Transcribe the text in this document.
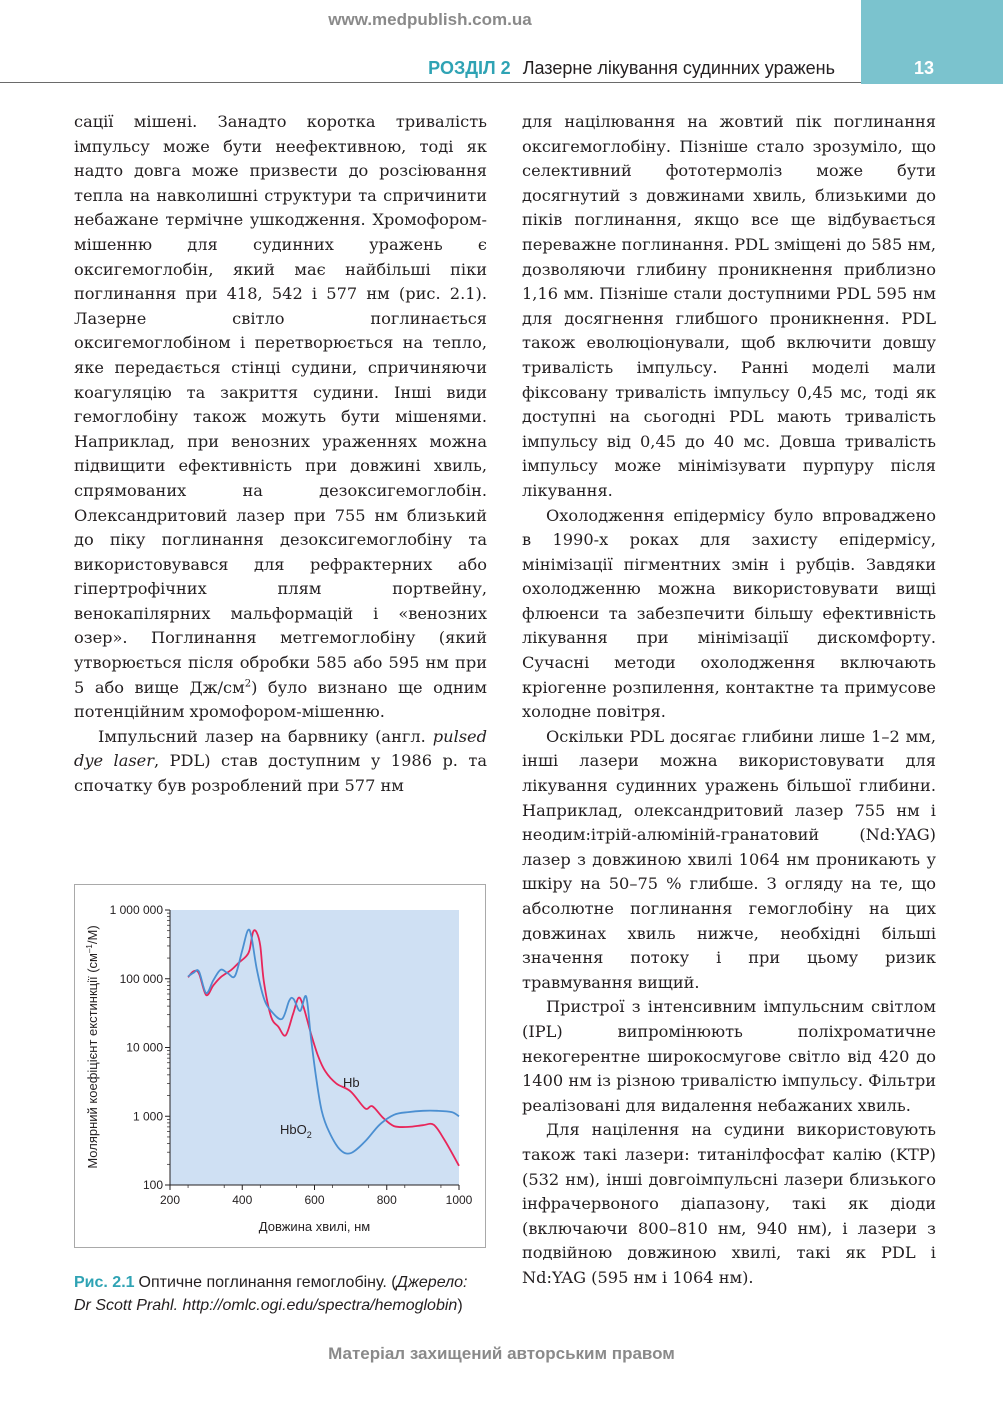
www.medpublish.com.ua
13
РОЗДІЛ 2 Лазерне лікування судинних уражень

сації мішені. Занадто коротка тривалість імпульсу може бути неефективною, тоді як надто довга може призвести до розсіювання тепла на навколишні структури та спричинити небажане термічне ушкодження. Хромофором-мішенню для судинних уражень є оксигемоглобін, який має найбільші піки поглинання при 418, 542 і 577 нм (рис. 2.1). Лазерне світло поглинається оксигемоглобіном і перетворюється на тепло, яке передається стінці судини, спричиняючи коагуляцію та закриття судини. Інші види гемоглобіну також можуть бути мішенями. Наприклад, при венозних ураженнях можна підвищити ефективність при довжині хвиль, спрямованих на дезоксигемоглобін. Олександритовий лазер при 755 нм близький до піку поглинання дезоксигемоглобіну та використовувався для рефрактерних або гіпертрофічних плям портвейну, венокапілярних мальформацій і «венозних озер». Поглинання метгемоглобіну (який утворюється після обробки 585 або 595 нм при 5 або вище $Дж/см^2$) було визнано ще одним потенційним хромофором-мішенню.

Імпульсний лазер на барвнику (англ. pulsed dye laser, PDL) став доступним у 1986 р. та спочатку був розроблений при 577 нм

для націлювання на жовтий пік поглинання оксигемоглобіну. Пізніше стало зрозуміло, що селективний фототермоліз може бути досягнутий з довжинами хвиль, близькими до піків поглинання, якщо все ще відбувається переважне поглинання. PDL зміщені до 585 нм, дозволяючи глибину проникнення приблизно 1,16 мм. Пізніше стали доступними PDL 595 нм для досягнення глибшого проникнення. PDL також еволюціонували, щоб включити довшу тривалість імпульсу. Ранні моделі мали фіксовану тривалість імпульсу 0,45 мс, тоді як доступні на сьогодні PDL мають тривалість імпульсу від 0,45 до 40 мс. Довша тривалість імпульсу може мінімізувати пурпуру після лікування.

Охолодження епідермісу було впроваджено в 1990-х роках для захисту епідермісу, мінімізації пігментних змін і рубців. Завдяки охолодженню можна використовувати вищі флюенси та забезпечити більшу ефективність лікування при мінімізації дискомфорту. Сучасні методи охолодження включають кріогенне розпилення, контактне та примусове холодне повітря.

Оскільки PDL досягає глибини лише 1–2 мм, інші лазери можна використовувати для лікування судинних уражень більшої глибини. Наприклад, олександритовий лазер 755 нм і неодим:ітрій-алюміній-гранатовий (Nd:YAG) лазер з довжиною хвилі 1064 нм проникають у шкіру на 50–75 % глибше. З огляду на те, що абсолютне поглинання гемоглобіну на цих довжинах хвиль нижче, необхідні більші значення потоку і при цьому ризик травмування вищий.

Пристрої з інтенсивним імпульсним світлом (IPL) випромінюють поліхроматичне некогерентне широкосмугове світло від 420 до 1400 нм із різною тривалістю імпульсу. Фільтри реалізовані для видалення небажаних хвиль.

Для націлення на судини використовують також такі лазери: титанілфосфат калію (KTP) (532 нм), інші довгоімпульсні лазери близького інфрачервоного діапазону, такі як діоди (включаючи 800–810 нм, 940 нм), і лазери з подвійною довжиною хвилі, такі як PDL і Nd:YAG (595 нм і 1064 нм).

100
1 000
10 000
100 000
1 000 000
200	400	600	800	1000
Hb
HbO$_2$
Довжина хвилі, нм
Молярний коефіцієнт екстинкції $(см^{-1}/M)$
Рис. 2.1 Оптичне поглинання гемоглобіну. (Джерело: Dr Scott Prahl. http://omlc.ogi.edu/spectra/hemoglobin)
Матеріал захищений авторським правом
